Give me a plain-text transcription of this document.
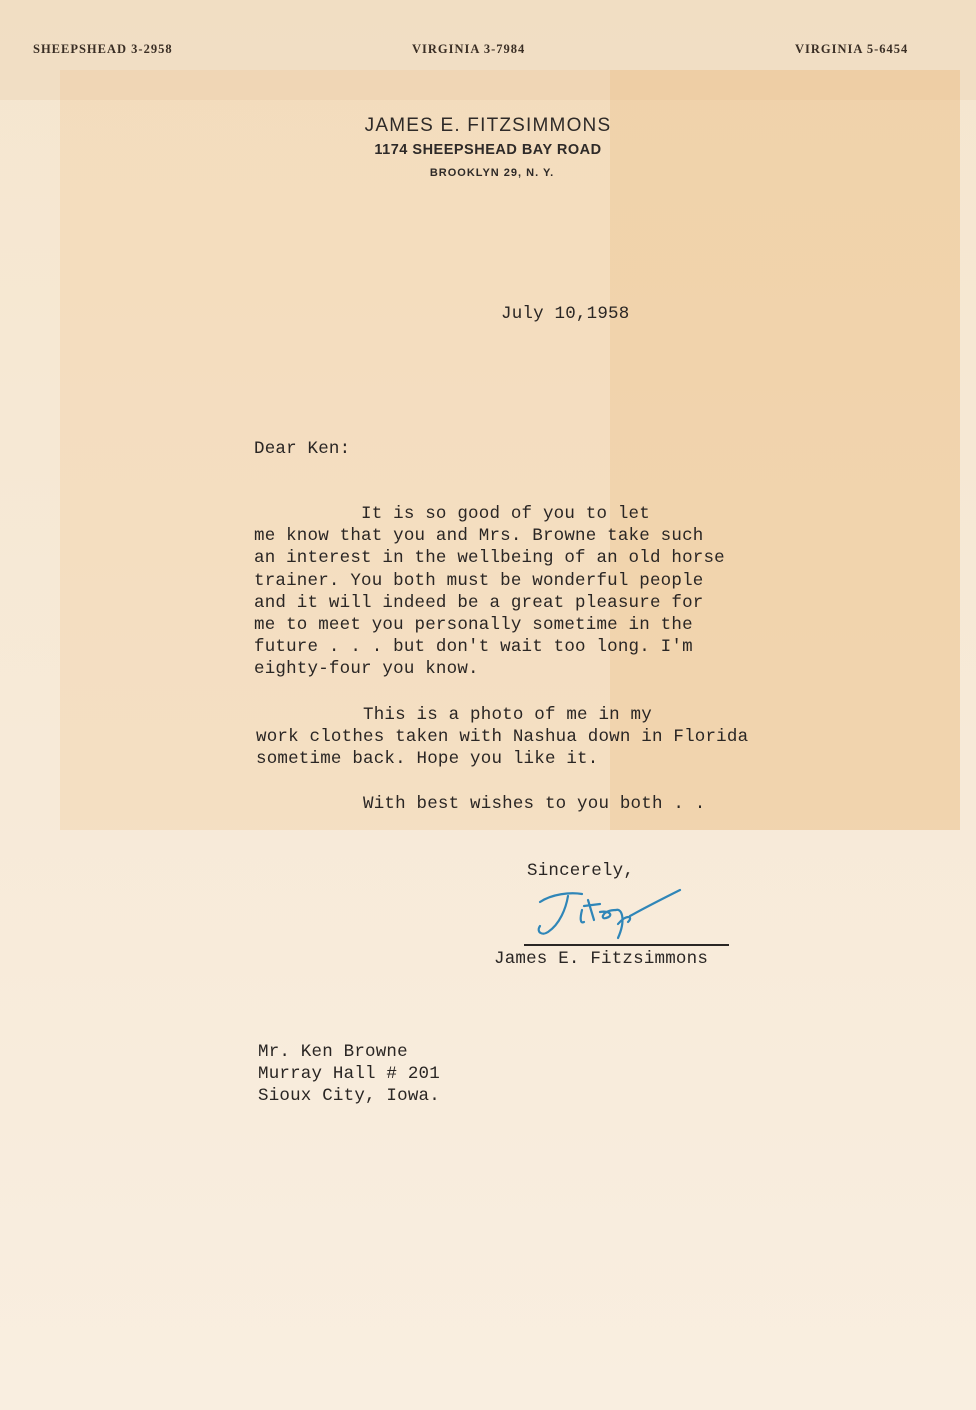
SHEEPSHEAD 3-2958	VIRGINIA 3-7984	VIRGINIA 5-6454
JAMES E. FITZSIMMONS
1174 SHEEPSHEAD BAY ROAD
BROOKLYN 29, N. Y.
July 10,1958
Dear Ken:
It is so good of you to let
me know that you and Mrs. Browne take such
an interest in the wellbeing of an old horse
trainer. You both must be wonderful people
and it will indeed be a great pleasure for
me to meet you personally sometime in the
future . . . but don't wait too long. I'm
eighty-four you know.
This is a photo of me in my
work clothes taken with Nashua down in Florida
sometime back. Hope you like it.
With best wishes to you both . .
Sincerely,
James E. Fitzsimmons
Mr. Ken Browne
Murray Hall # 201
Sioux City, Iowa.
